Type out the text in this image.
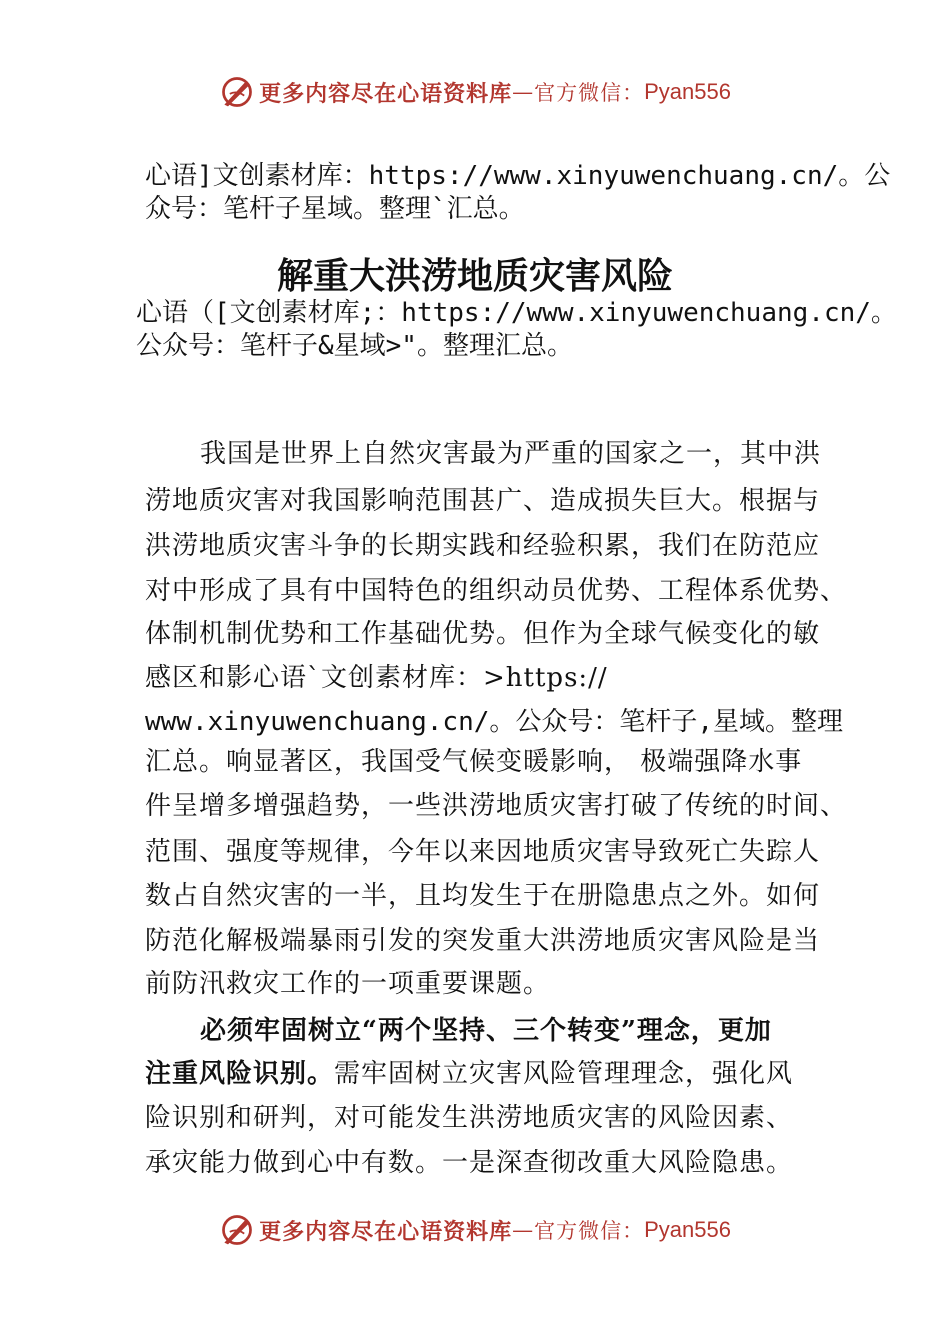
更多内容尽在心语资料库 — 官方微信： Pyan556
心语]文创素材库：https://www.xinyuwenchuang.cn/。公
众号：笔杆子星域。整理`汇总。
解重大洪涝地质灾害风险
心语（[文创素材库;：https://www.xinyuwenchuang.cn/。
公众号：笔杆子&星域>"。整理汇总。
我国是世界上自然灾害最为严重的国家之一，其中洪
涝地质灾害对我国影响范围甚广、造成损失巨大。根据与
洪涝地质灾害斗争的长期实践和经验积累，我们在防范应
对中形成了具有中国特色的组织动员优势、工程体系优势、
体制机制优势和工作基础优势。但作为全球气候变化的敏
感区和影心语`文创素材库：>https://
www.xinyuwenchuang.cn/。公众号：笔杆子,星域。整理
汇总。响显著区，我国受气候变暖影响， 极端强降水事
件呈增多增强趋势，一些洪涝地质灾害打破了传统的时间、
范围、强度等规律，今年以来因地质灾害导致死亡失踪人
数占自然灾害的一半，且均发生于在册隐患点之外。如何
防范化解极端暴雨引发的突发重大洪涝地质灾害风险是当
前防汛救灾工作的一项重要课题。
必须牢固树立“两个坚持、三个转变”理念，更加
注重风险识别。需牢固树立灾害风险管理理念，强化风
险识别和研判，对可能发生洪涝地质灾害的风险因素、
承灾能力做到心中有数。一是深查彻改重大风险隐患。
更多内容尽在心语资料库 — 官方微信： Pyan556
